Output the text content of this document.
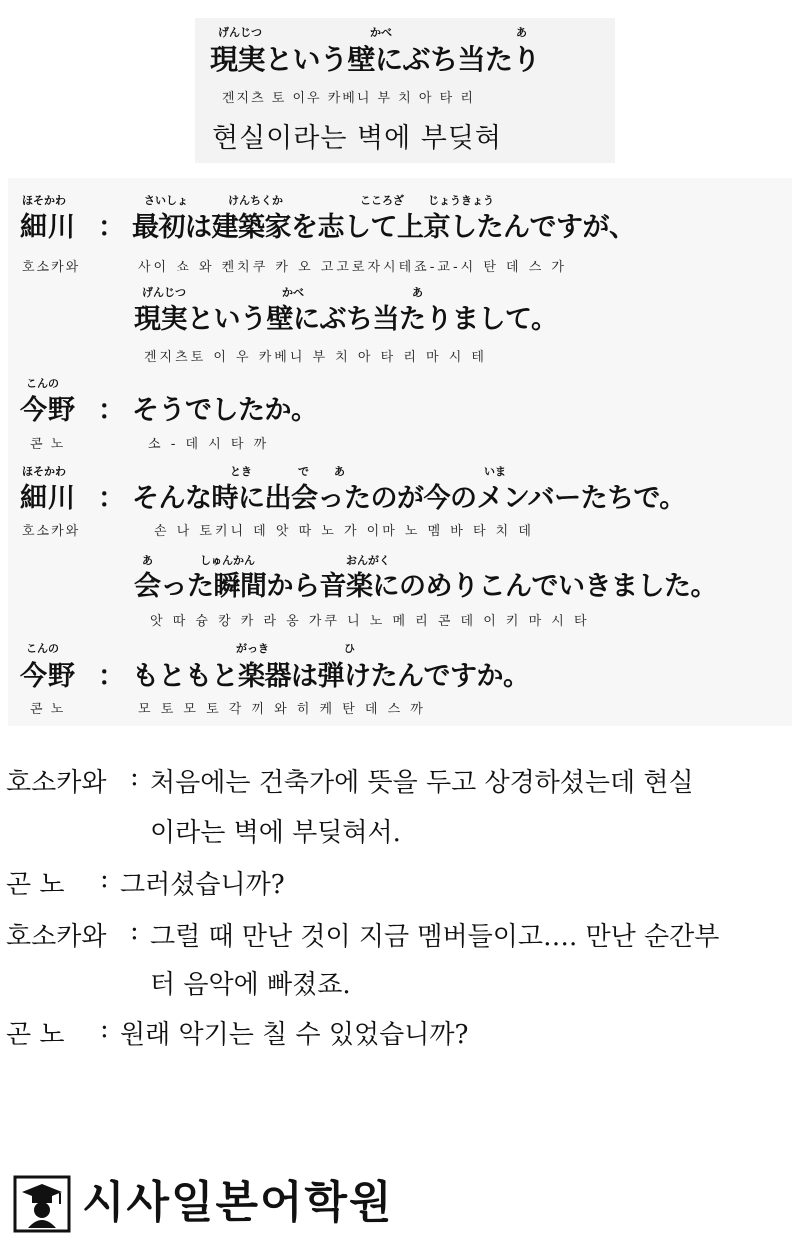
げんじつ	かべ	あ
現実という壁にぶち当たり
겐지츠 토 이우 카베니 부 치 아 타 리
현실이라는 벽에 부딪혀
ほそかわ	さいしょ	けんちくか	こころざ じょうきょう
細川 ： 最初は建築家を志して上京したんですが、
호소카와	사이 쇼 와 켄치쿠 카 오 고고로자시테죠-교-시 탄 데 스 가
げんじつ	かべ	あ
現実という壁にぶち当たりまして。
겐지츠토 이 우 카베니 부 치 아 타 리 마 시 테
こんの
今野 ： そうでしたか。
콘 노	소 - 데 시 타 까
ほそかわ	とき	で あ	いま
細川 ： そんな時に出会ったのが今のメンバーたちで。
호소카와	손 나 토키니 데 앗 따 노 가 이마 노 멤 바 타 치 데
あ	しゅんかん	おんがく
会った瞬間から音楽にのめりこんでいきました。
앗 따 슝 캉 카 라 옹 가쿠 니 노 메 리 콘 데 이 키 마 시 타
こんの	がっき	ひ
今野 ： もともと楽器は弾けたんですか。
콘 노	모 토 모 토 각 끼 와 히 케 탄 데 스 까
호소카와 : 처음에는 건축가에 뜻을 두고 상경하셨는데 현실
이라는 벽에 부딪혀서.
곤 노 : 그러셨습니까?
호소카와 : 그럴 때 만난 것이 지금 멤버들이고…. 만난 순간부
터 음악에 빠졌죠.
곤 노 : 원래 악기는 칠 수 있었습니까?
시사일본어학원
